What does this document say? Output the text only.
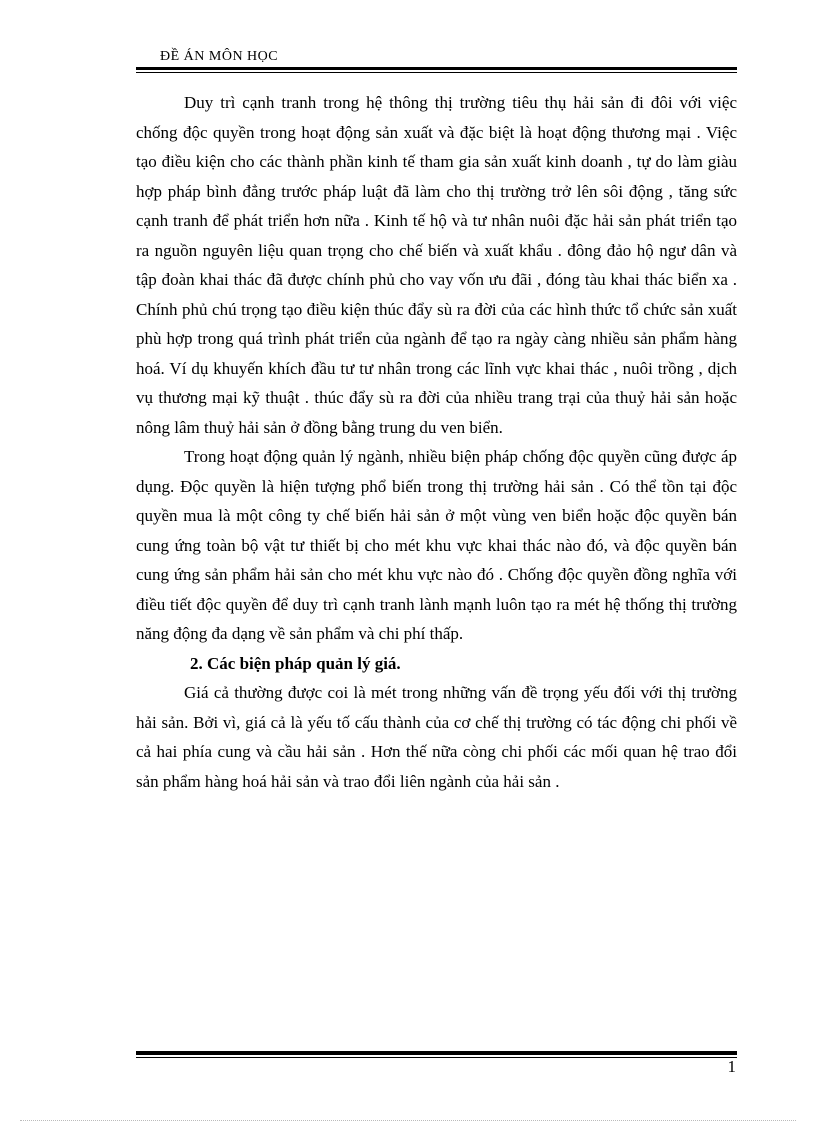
ĐỀ ÁN MÔN HỌC

Duy trì cạnh tranh trong hệ thông thị trường tiêu thụ hải sản đi đôi với việc chống độc quyền trong hoạt động sản xuất và đặc biệt là hoạt động thương mại . Việc tạo điều kiện cho các thành phần kinh tế tham gia sản xuất kinh doanh , tự do làm giàu hợp pháp bình đẳng trước pháp luật đã làm cho thị trường trở lên sôi động , tăng sức cạnh tranh để phát triển hơn nữa . Kinh tế hộ và tư nhân nuôi đặc hải sản phát triển tạo ra nguồn nguyên liệu quan trọng cho chế biến và xuất khẩu . đông đảo hộ ngư dân và tập đoàn khai thác đã được chính phủ cho vay vốn ưu đãi , đóng tàu khai thác biển xa . Chính phủ chú trọng tạo điều kiện thúc đẩy sù ra đời của các hình thức tổ chức sản xuất phù hợp trong quá trình phát triển của ngành để tạo ra ngày càng nhiều sản phẩm hàng hoá. Ví dụ khuyến khích đầu tư tư nhân trong các lĩnh vực khai thác , nuôi trồng , dịch vụ thương mại kỹ thuật . thúc đẩy sù ra đời của nhiều trang trại của thuỷ hải sản hoặc nông lâm thuỷ hải sản ở đồng bằng trung du ven biển.

Trong hoạt động quản lý ngành, nhiều biện pháp chống độc quyền cũng được áp dụng. Độc quyền là hiện tượng phổ biến trong thị trường hải sản . Có thể tồn tại độc quyền mua là một công ty chế biến hải sản ở một vùng ven biển hoặc độc quyền bán cung ứng toàn bộ vật tư thiết bị cho mét khu vực khai thác nào đó, và độc quyền bán cung ứng sản phẩm hải sản cho mét khu vực nào đó . Chống độc quyền đồng nghĩa với điều tiết độc quyền để duy trì cạnh tranh lành mạnh luôn tạo ra mét hệ thống thị trường năng động đa dạng về sản phẩm và chi phí thấp.

2. Các biện pháp quản lý giá.

Giá cả thường được coi là mét trong những vấn đề trọng yếu đối với thị trường hải sản. Bởi vì, giá cả là yếu tố cấu thành của cơ chế thị trường có tác động chi phối về cả hai phía cung và cầu hải sản . Hơn thế nữa còng chi phối các mối quan hệ trao đổi sản phẩm hàng hoá hải sản và trao đổi liên ngành của hải sản .

1
